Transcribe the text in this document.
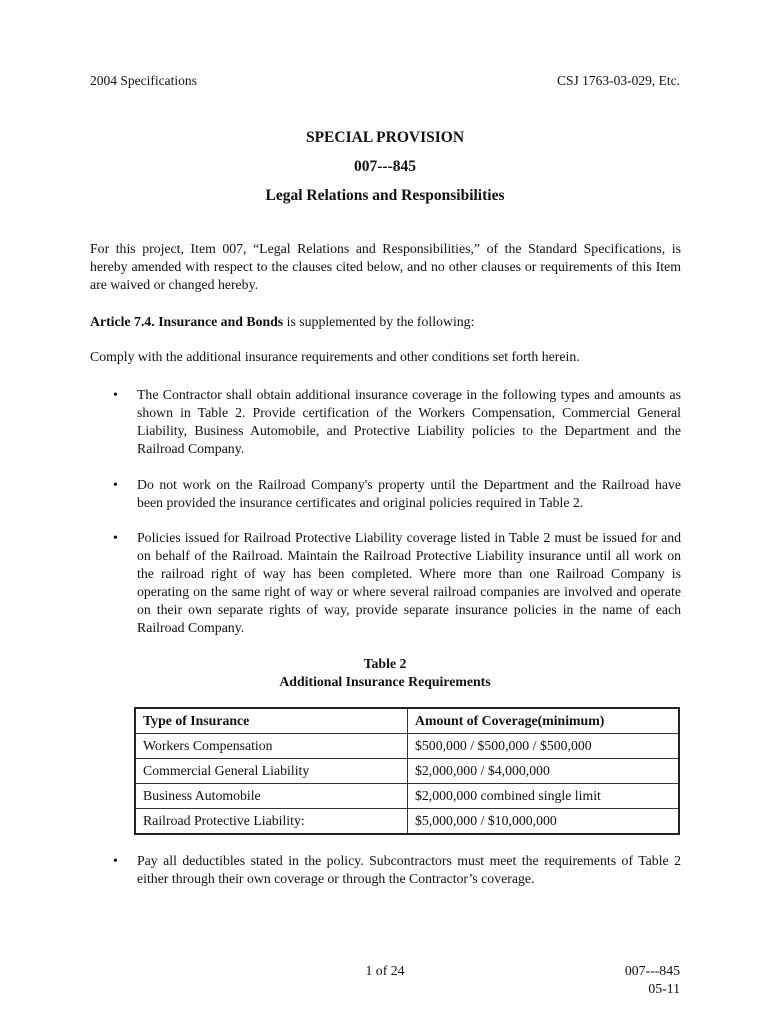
2004 Specifications	CSJ 1763-03-029, Etc.
SPECIAL PROVISION
007---845
Legal Relations and Responsibilities
For this project, Item 007, “Legal Relations and Responsibilities,” of the Standard Specifications, is hereby amended with respect to the clauses cited below, and no other clauses or requirements of this Item are waived or changed hereby.
Article 7.4. Insurance and Bonds is supplemented by the following:
Comply with the additional insurance requirements and other conditions set forth herein.
• The Contractor shall obtain additional insurance coverage in the following types and amounts as shown in Table 2. Provide certification of the Workers Compensation, Commercial General Liability, Business Automobile, and Protective Liability policies to the Department and the Railroad Company.
• Do not work on the Railroad Company's property until the Department and the Railroad have been provided the insurance certificates and original policies required in Table 2.
• Policies issued for Railroad Protective Liability coverage listed in Table 2 must be issued for and on behalf of the Railroad. Maintain the Railroad Protective Liability insurance until all work on the railroad right of way has been completed. Where more than one Railroad Company is operating on the same right of way or where several railroad companies are involved and operate on their own separate rights of way, provide separate insurance policies in the name of each Railroad Company.
Table 2
Additional Insurance Requirements
Type of Insurance	Amount of Coverage(minimum)
Workers Compensation	$500,000 / $500,000 / $500,000
Commercial General Liability	$2,000,000 / $4,000,000
Business Automobile	$2,000,000 combined single limit
Railroad Protective Liability:	$5,000,000 / $10,000,000
• Pay all deductibles stated in the policy. Subcontractors must meet the requirements of Table 2 either through their own coverage or through the Contractor’s coverage.
1 of 24	007---845
05-11
